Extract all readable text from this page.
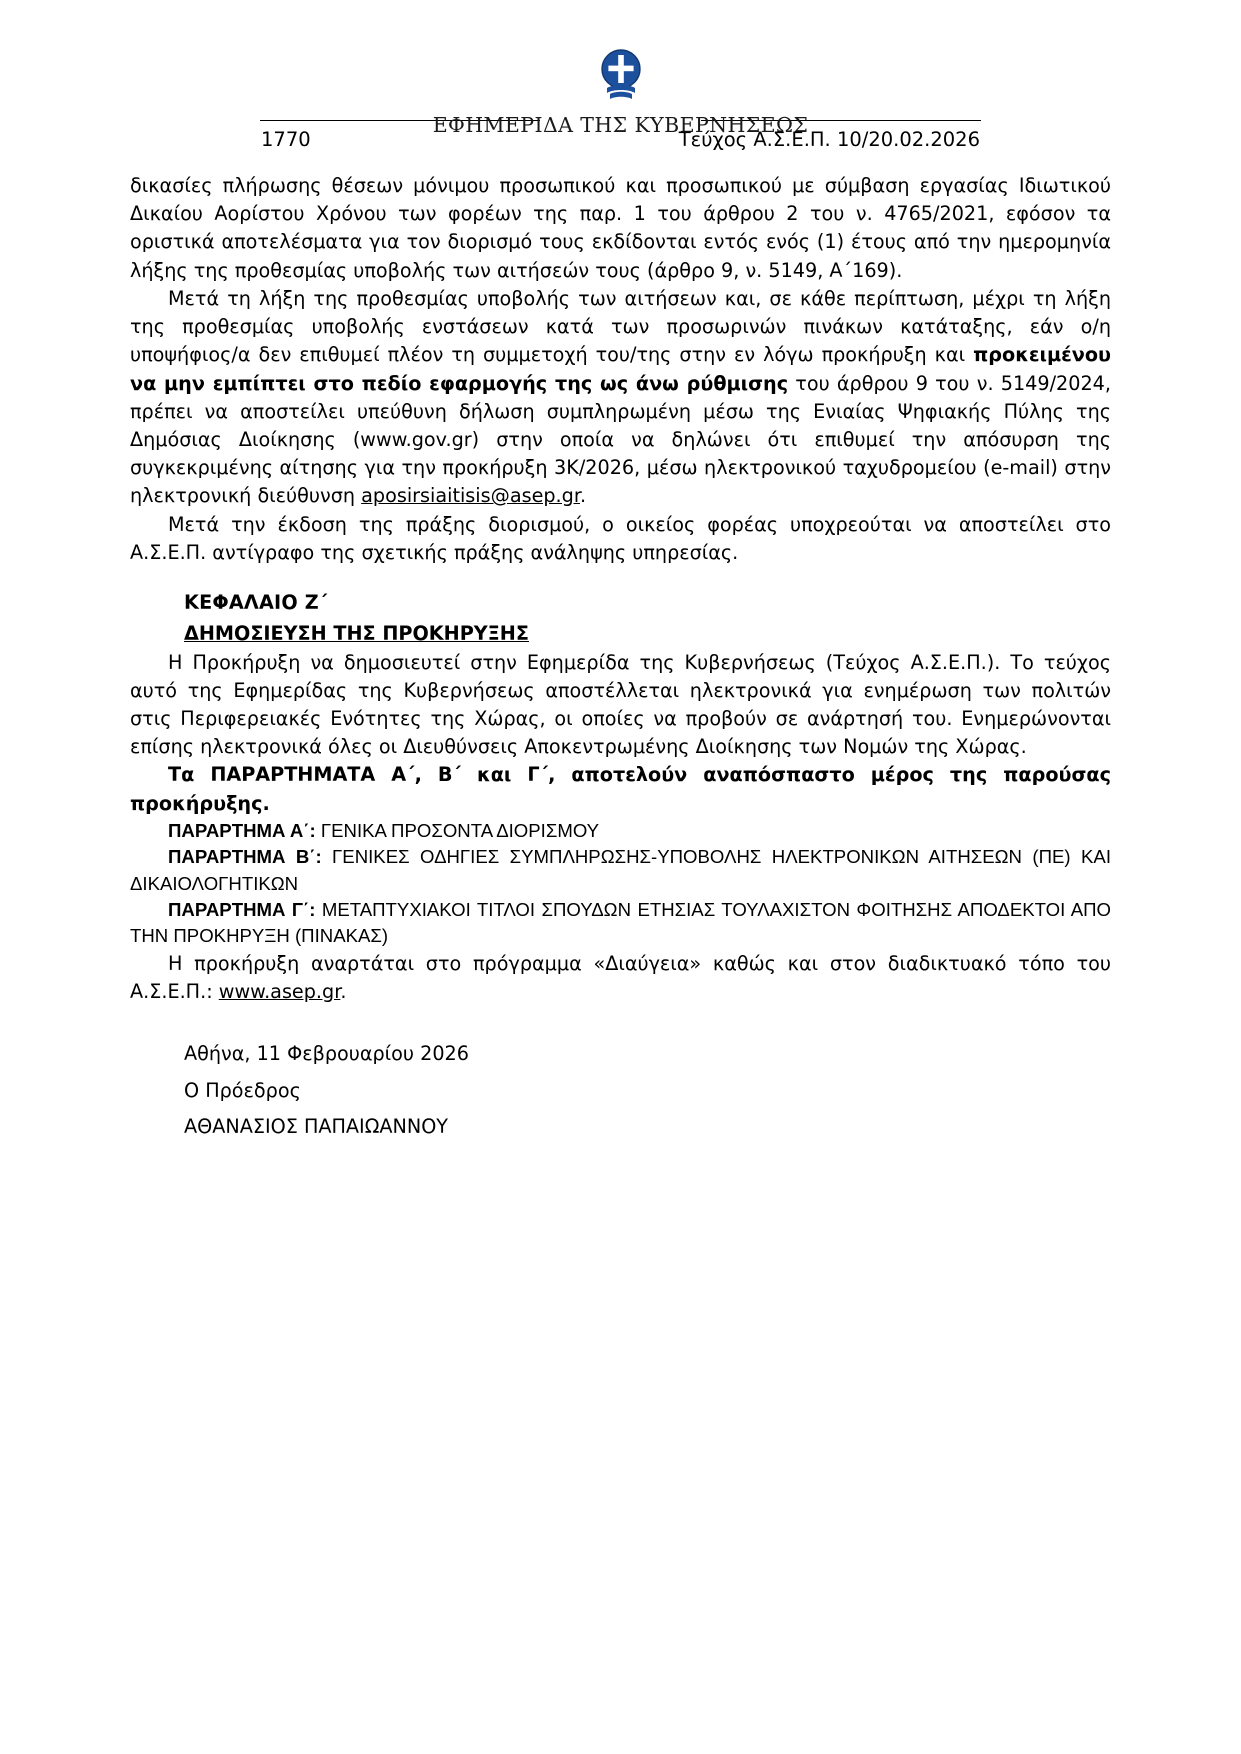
ΕΦΗΜΕΡΙΔΑ ΤΗΣ ΚΥΒΕΡΝΗΣΕΩΣ
1770	Τεύχος Α.Σ.Ε.Π. 10/20.02.2026

δικασίες πλήρωσης θέσεων μόνιμου προσωπικού και προσωπικού με σύμβαση εργασίας Ιδιωτικού Δικαίου Αορίστου Χρόνου των φορέων της παρ. 1 του άρθρου 2 του ν. 4765/2021, εφόσον τα οριστικά αποτελέσματα για τον διορισμό τους εκδίδονται εντός ενός (1) έτους από την ημερομηνία λήξης της προθεσμίας υποβολής των αιτήσεών τους (άρθρο 9, ν. 5149, Α΄169).

Μετά τη λήξη της προθεσμίας υποβολής των αιτήσεων και, σε κάθε περίπτωση, μέχρι τη λήξη της προθεσμίας υποβολής ενστάσεων κατά των προσωρινών πινάκων κατάταξης, εάν ο/η υποψήφιος/α δεν επιθυμεί πλέον τη συμμετοχή του/της στην εν λόγω προκήρυξη και προκειμένου να μην εμπίπτει στο πεδίο εφαρμογής της ως άνω ρύθμισης του άρθρου 9 του ν. 5149/2024, πρέπει να αποστείλει υπεύθυνη δήλωση συμπληρωμένη μέσω της Ενιαίας Ψηφιακής Πύλης της Δημόσιας Διοίκησης (www.gov.gr) στην οποία να δηλώνει ότι επιθυμεί την απόσυρση της συγκεκριμένης αίτησης για την προκήρυξη 3Κ/2026, μέσω ηλεκτρονικού ταχυδρομείου (e-mail) στην ηλεκτρονική διεύθυνση aposirsiaitisis@asep.gr.

Μετά την έκδοση της πράξης διορισμού, ο οικείος φορέας υποχρεούται να αποστείλει στο Α.Σ.Ε.Π. αντίγραφο της σχετικής πράξης ανάληψης υπηρεσίας.

ΚΕΦΑΛΑΙΟ Ζ΄
ΔΗΜΟΣΙΕΥΣΗ ΤΗΣ ΠΡΟΚΗΡΥΞΗΣ

Η Προκήρυξη να δημοσιευτεί στην Εφημερίδα της Κυβερνήσεως (Τεύχος Α.Σ.Ε.Π.). Το τεύχος αυτό της Εφημερίδας της Κυβερνήσεως αποστέλλεται ηλεκτρονικά για ενημέρωση των πολιτών στις Περιφερειακές Ενότητες της Χώρας, οι οποίες να προβούν σε ανάρτησή του. Ενημερώνονται επίσης ηλεκτρονικά όλες οι Διευθύνσεις Αποκεντρωμένης Διοίκησης των Νομών της Χώρας.

Τα ΠΑΡΑΡΤΗΜΑΤΑ Α΄, Β΄ και Γ΄, αποτελούν αναπόσπαστο μέρος της παρούσας προκήρυξης.

ΠΑΡΑΡΤΗΜΑ Α΄: ΓΕΝΙΚΑ ΠΡΟΣΟΝΤΑ ΔΙΟΡΙΣΜΟΥ

ΠΑΡΑΡΤΗΜΑ Β΄: ΓΕΝΙΚΕΣ ΟΔΗΓΙΕΣ ΣΥΜΠΛΗΡΩΣΗΣ-ΥΠΟΒΟΛΗΣ ΗΛΕΚΤΡΟΝΙΚΩΝ ΑΙΤΗΣΕΩΝ (ΠΕ) ΚΑΙ ΔΙΚΑΙΟΛΟΓΗΤΙΚΩΝ

ΠΑΡΑΡΤΗΜΑ Γ΄: ΜΕΤΑΠΤΥΧΙΑΚΟΙ ΤΙΤΛΟΙ ΣΠΟΥΔΩΝ ΕΤΗΣΙΑΣ ΤΟΥΛΑΧΙΣΤΟΝ ΦΟΙΤΗΣΗΣ ΑΠΟΔΕΚΤΟΙ ΑΠΟ ΤΗΝ ΠΡΟΚΗΡΥΞΗ (ΠΙΝΑΚΑΣ)

Η προκήρυξη αναρτάται στο πρόγραμμα «Διαύγεια» καθώς και στον διαδικτυακό τόπο του Α.Σ.Ε.Π.: www.asep.gr.

Αθήνα, 11 Φεβρουαρίου 2026
Ο Πρόεδρος
ΑΘΑΝΑΣΙΟΣ ΠΑΠΑΙΩΑΝΝΟΥ
